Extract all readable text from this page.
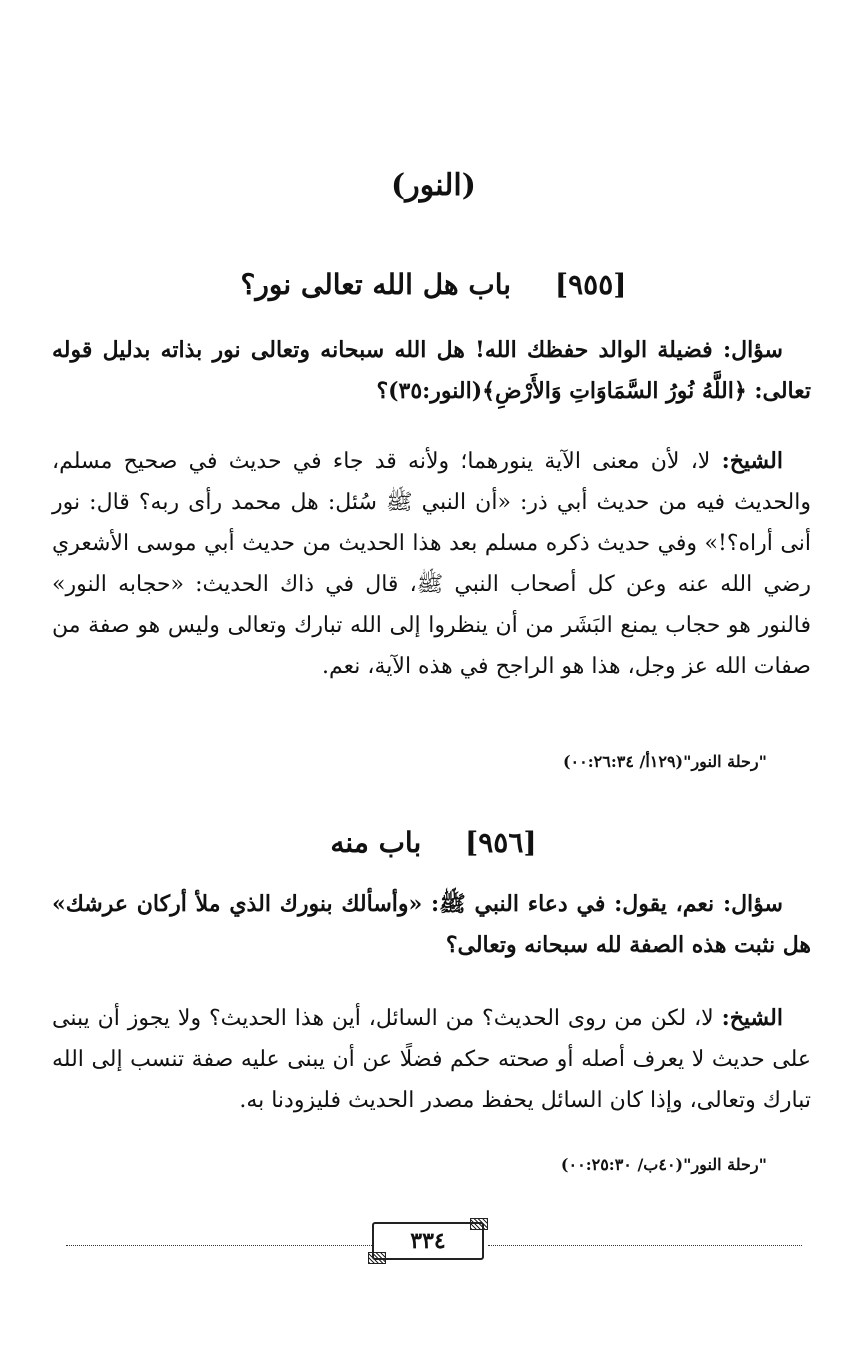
(النور)
[٩٥٥] باب هل الله تعالى نور؟
سؤال: فضيلة الوالد حفظك الله! هل الله سبحانه وتعالى نور بذاته بدليل قوله تعالى: ﴿اللَّهُ نُورُ السَّمَاوَاتِ وَالأَرْضِ﴾(النور:٣٥)؟
الشيخ: لا، لأن معنى الآية ينورهما؛ ولأنه قد جاء في حديث في صحيح مسلم، والحديث فيه من حديث أبي ذر: «أن النبي ﷺ سُئل: هل محمد رأى ربه؟ قال: نور أنى أراه؟!» وفي حديث ذكره مسلم بعد هذا الحديث من حديث أبي موسى الأشعري رضي الله عنه وعن كل أصحاب النبي ﷺ، قال في ذاك الحديث: «حجابه النور» فالنور هو حجاب يمنع البَشَر من أن ينظروا إلى الله تبارك وتعالى وليس هو صفة من صفات الله عز وجل، هذا هو الراجح في هذه الآية، نعم.
"رحلة النور"(١٢٩أ/ ٠٠:٢٦:٣٤)
[٩٥٦] باب منه
سؤال: نعم، يقول: في دعاء النبي ﷺ: «وأسألك بنورك الذي ملأ أركان عرشك» هل نثبت هذه الصفة لله سبحانه وتعالى؟
الشيخ: لا، لكن من روى الحديث؟ من السائل، أين هذا الحديث؟ ولا يجوز أن يبنى على حديث لا يعرف أصله أو صحته حكم فضلًا عن أن يبنى عليه صفة تنسب إلى الله تبارك وتعالى، وإذا كان السائل يحفظ مصدر الحديث فليزودنا به.
"رحلة النور"(٤٠ب/ ٠٠:٢٥:٣٠)
٣٣٤
